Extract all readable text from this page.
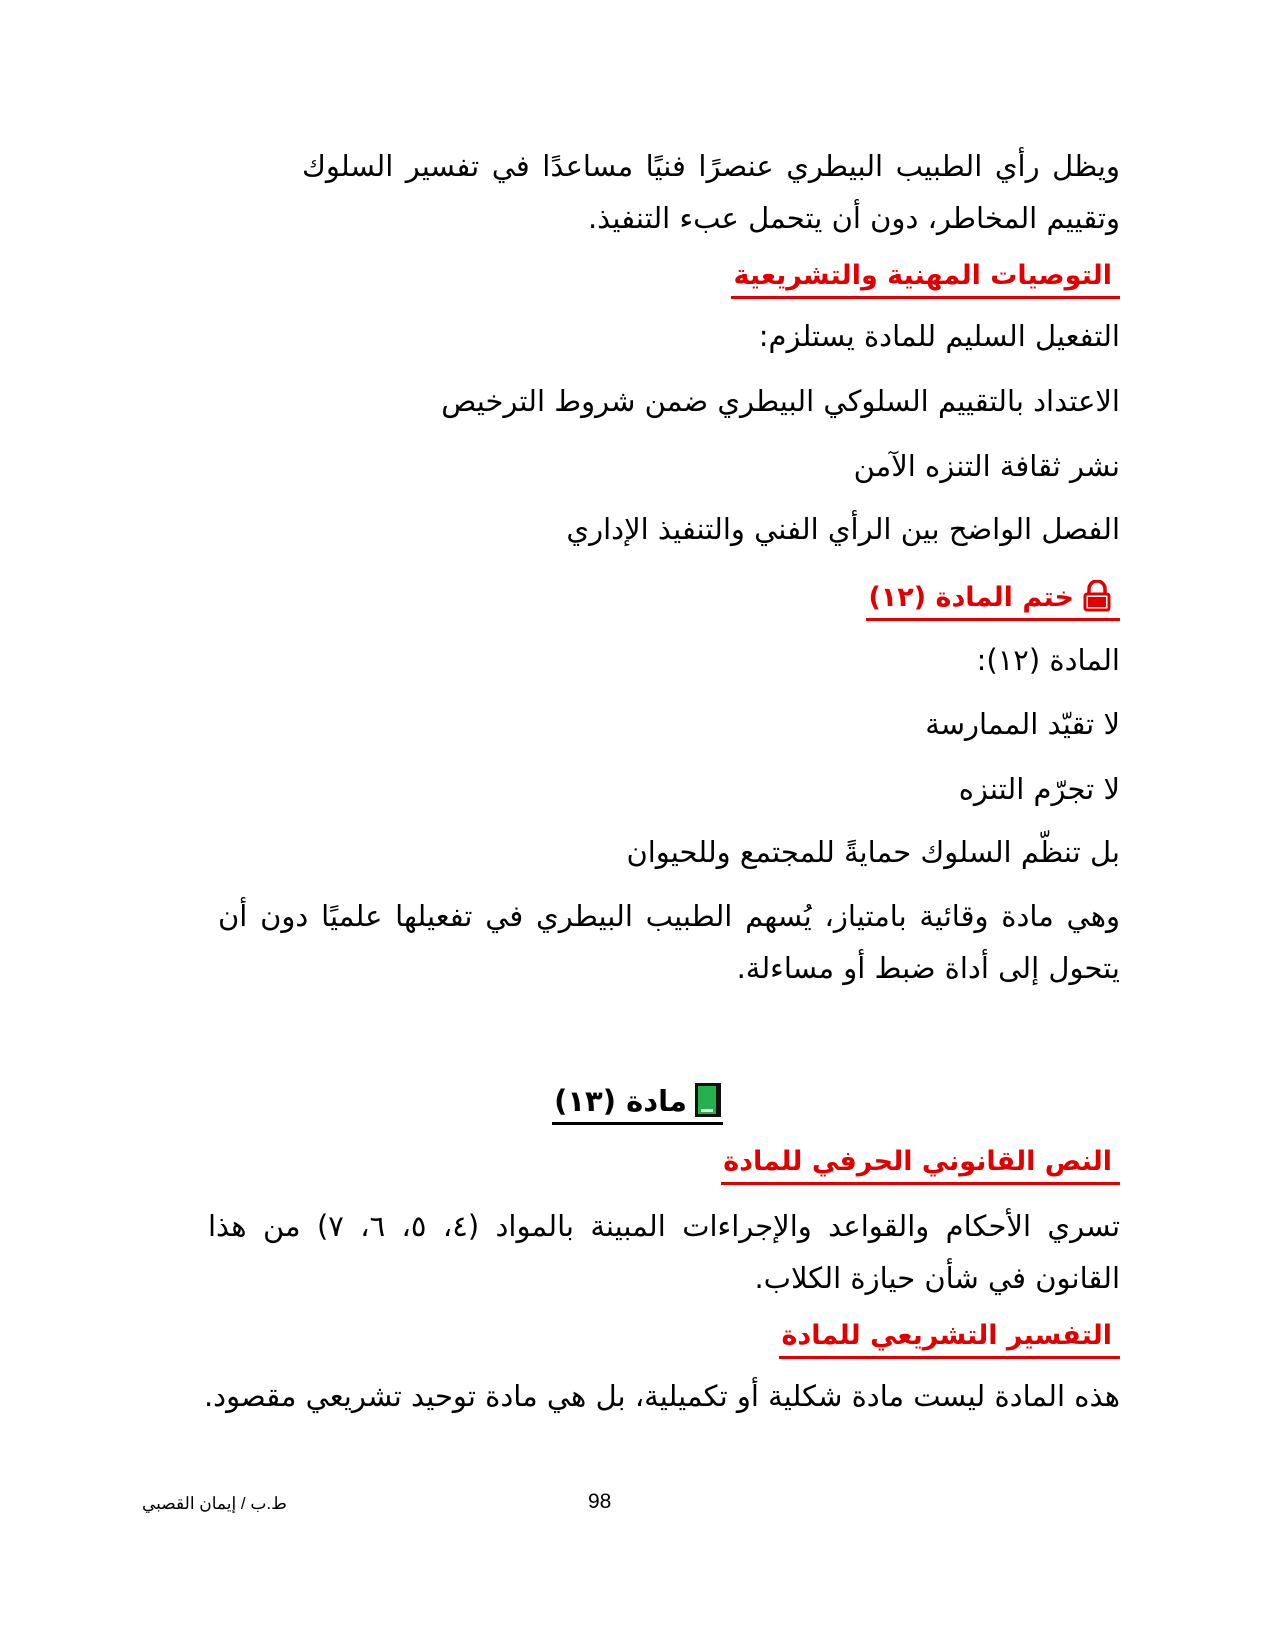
ويظل رأي الطبيب البيطري عنصرًا فنيًا مساعدًا في تفسير السلوك وتقييم المخاطر، دون أن يتحمل عبء التنفيذ.
التوصيات المهنية والتشريعية
التفعيل السليم للمادة يستلزم:
الاعتداد بالتقييم السلوكي البيطري ضمن شروط الترخيص
نشر ثقافة التنزه الآمن
الفصل الواضح بين الرأي الفني والتنفيذ الإداري
ختم المادة (١٢)
المادة (١٢):
لا تقيّد الممارسة
لا تجرّم التنزه
بل تنظّم السلوك حمايةً للمجتمع وللحيوان
وهي مادة وقائية بامتياز، يُسهم الطبيب البيطري في تفعيلها علميًا دون أن يتحول إلى أداة ضبط أو مساءلة.
مادة (١٣)
النص القانوني الحرفي للمادة
تسري الأحكام والقواعد والإجراءات المبينة بالمواد (٤، ٥، ٦، ٧) من هذا القانون في شأن حيازة الكلاب.
التفسير التشريعي للمادة
هذه المادة ليست مادة شكلية أو تكميلية، بل هي مادة توحيد تشريعي مقصود.
ط.ب / إيمان القصبي	98
